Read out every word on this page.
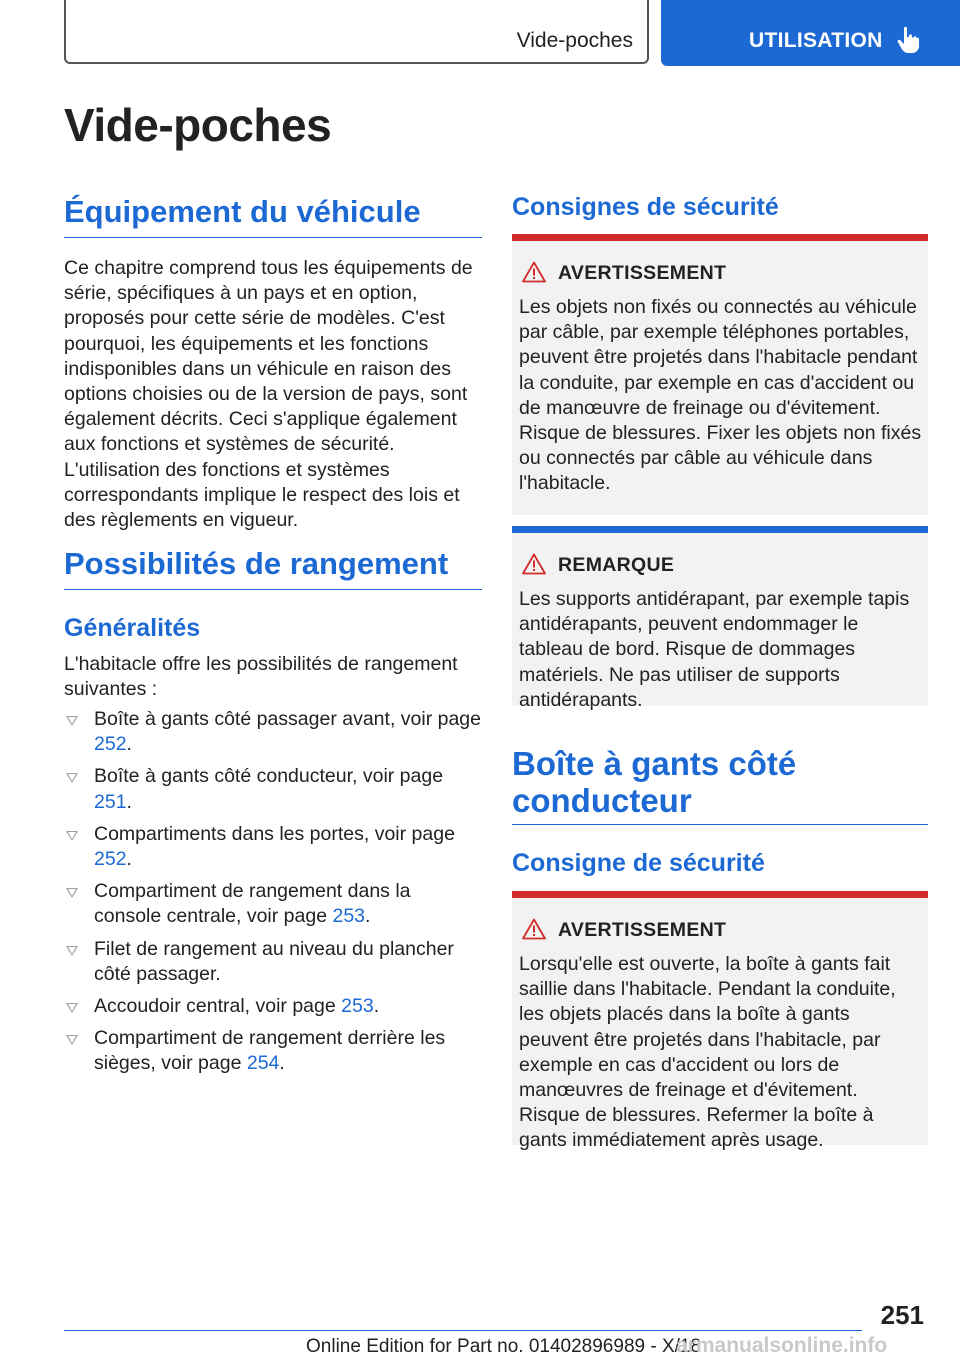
Vide-poches	UTILISATION
Vide-poches
Équipement du véhicule

Ce chapitre comprend tous les équipements de série, spécifiques à un pays et en option, proposés pour cette série de modèles. C'est pourquoi, les équipements et les fonctions indisponibles dans un véhicule en raison des options choisies ou de la version de pays, sont également décrits. Ceci s'applique également aux fonctions et systèmes de sécurité. L'utilisation des fonctions et systèmes correspondants implique le respect des lois et des règlements en vigueur.

Possibilités de rangement
Généralités

L'habitacle offre les possibilités de rangement suivantes :

Boîte à gants côté passager avant, voir page 252.
Boîte à gants côté conducteur, voir page 251.
Compartiments dans les portes, voir page 252.
Compartiment de rangement dans la console centrale, voir page 253.
Filet de rangement au niveau du plancher côté passager.
Accoudoir central, voir page 253.
Compartiment de rangement derrière les sièges, voir page 254.
Consignes de sécurité
AVERTISSEMENT

Les objets non fixés ou connectés au véhicule par câble, par exemple téléphones portables, peuvent être projetés dans l'habitacle pendant la conduite, par exemple en cas d'accident ou de manœuvre de freinage ou d'évitement. Risque de blessures. Fixer les objets non fixés ou connectés par câble au véhicule dans l'habitacle.

REMARQUE

Les supports antidérapant, par exemple tapis antidérapants, peuvent endommager le tableau de bord. Risque de dommages matériels. Ne pas utiliser de supports antidérapants.

Boîte à gants côté conducteur
Consigne de sécurité
AVERTISSEMENT

Lorsqu'elle est ouverte, la boîte à gants fait saillie dans l'habitacle. Pendant la conduite, les objets placés dans la boîte à gants peuvent être projetés dans l'habitacle, par exemple en cas d'accident ou lors de manœuvres de freinage et d'évitement. Risque de blessures. Refermer la boîte à gants immédiatement après usage.

251
Online Edition for Part no. 01402896989 - X/18
armanualsonline.info
